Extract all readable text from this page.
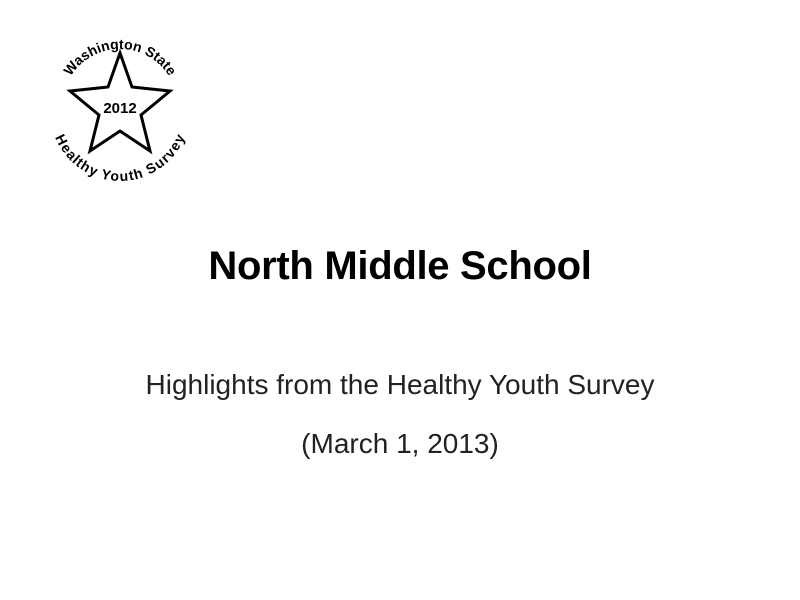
Washington State
Healthy Youth Survey
2012
North Middle School

Highlights from the Healthy Youth Survey

(March 1, 2013)
